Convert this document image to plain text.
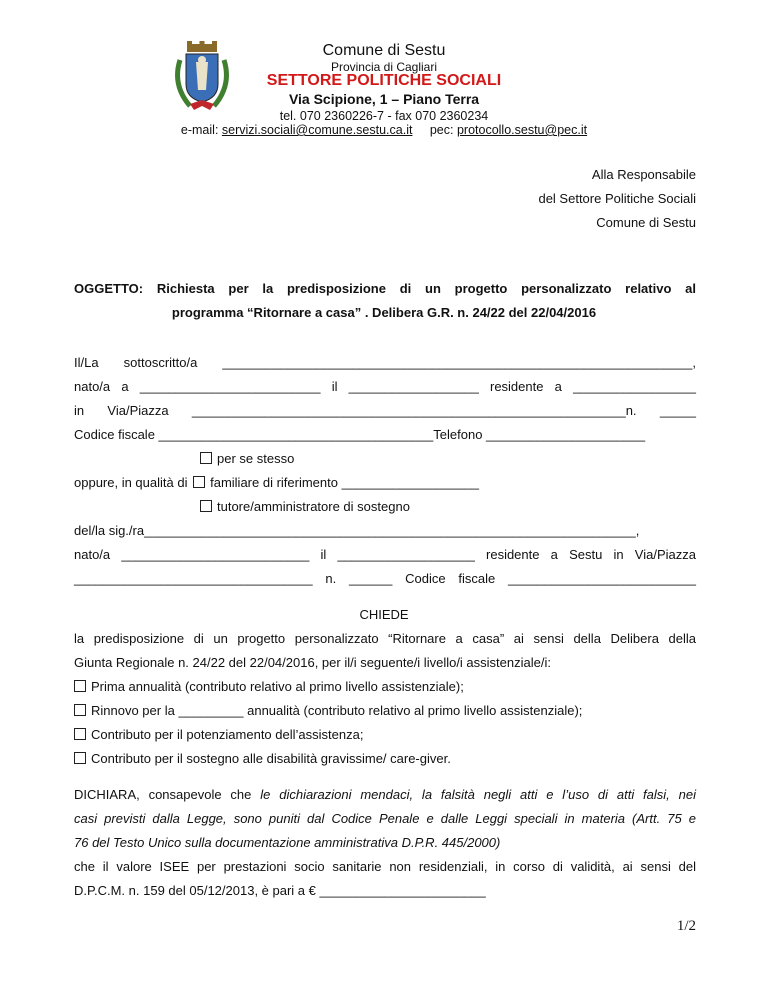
Comune di Sestu
Provincia di Cagliari
SETTORE POLITICHE SOCIALI
Via Scipione, 1 – Piano Terra
tel. 070 2360226-7 - fax 070 2360234
e-mail: servizi.sociali@comune.sestu.ca.it pec: protocollo.sestu@pec.it
Alla Responsabile
del Settore Politiche Sociali
Comune di Sestu
OGGETTO: Richiesta per la predisposizione di un progetto personalizzato relativo al
programma “Ritornare a casa” . Delibera G.R. n. 24/22 del 22/04/2016
Il/La sottoscritto/a _________________________________________________________________,
nato/a a _________________________ il __________________ residente a _________________
in Via/Piazza ____________________________________________________________n. _____
Codice fiscale ______________________________________Telefono ______________________
per se stesso
oppure, in qualità di familiare di riferimento ___________________
tutore/amministratore di sostegno
del/la sig./ra____________________________________________________________________,
nato/a __________________________ il ___________________ residente a Sestu in Via/Piazza
_________________________________ n. ______ Codice fiscale __________________________
CHIEDE
la predisposizione di un progetto personalizzato “Ritornare a casa” ai sensi della Delibera della
Giunta Regionale n. 24/22 del 22/04/2016, per il/i seguente/i livello/i assistenziale/i:
Prima annualità (contributo relativo al primo livello assistenziale);
Rinnovo per la _________ annualità (contributo relativo al primo livello assistenziale);
Contributo per il potenziamento dell’assistenza;
Contributo per il sostegno alle disabilità gravissime/ care-giver.
DICHIARA, consapevole che le dichiarazioni mendaci, la falsità negli atti e l’uso di atti falsi, nei
casi previsti dalla Legge, sono puniti dal Codice Penale e dalle Leggi speciali in materia (Artt. 75 e
76 del Testo Unico sulla documentazione amministrativa D.P.R. 445/2000)
che il valore ISEE per prestazioni socio sanitarie non residenziali, in corso di validità, ai sensi del
D.P.C.M. n. 159 del 05/12/2013, è pari a € _______________________
1/2
